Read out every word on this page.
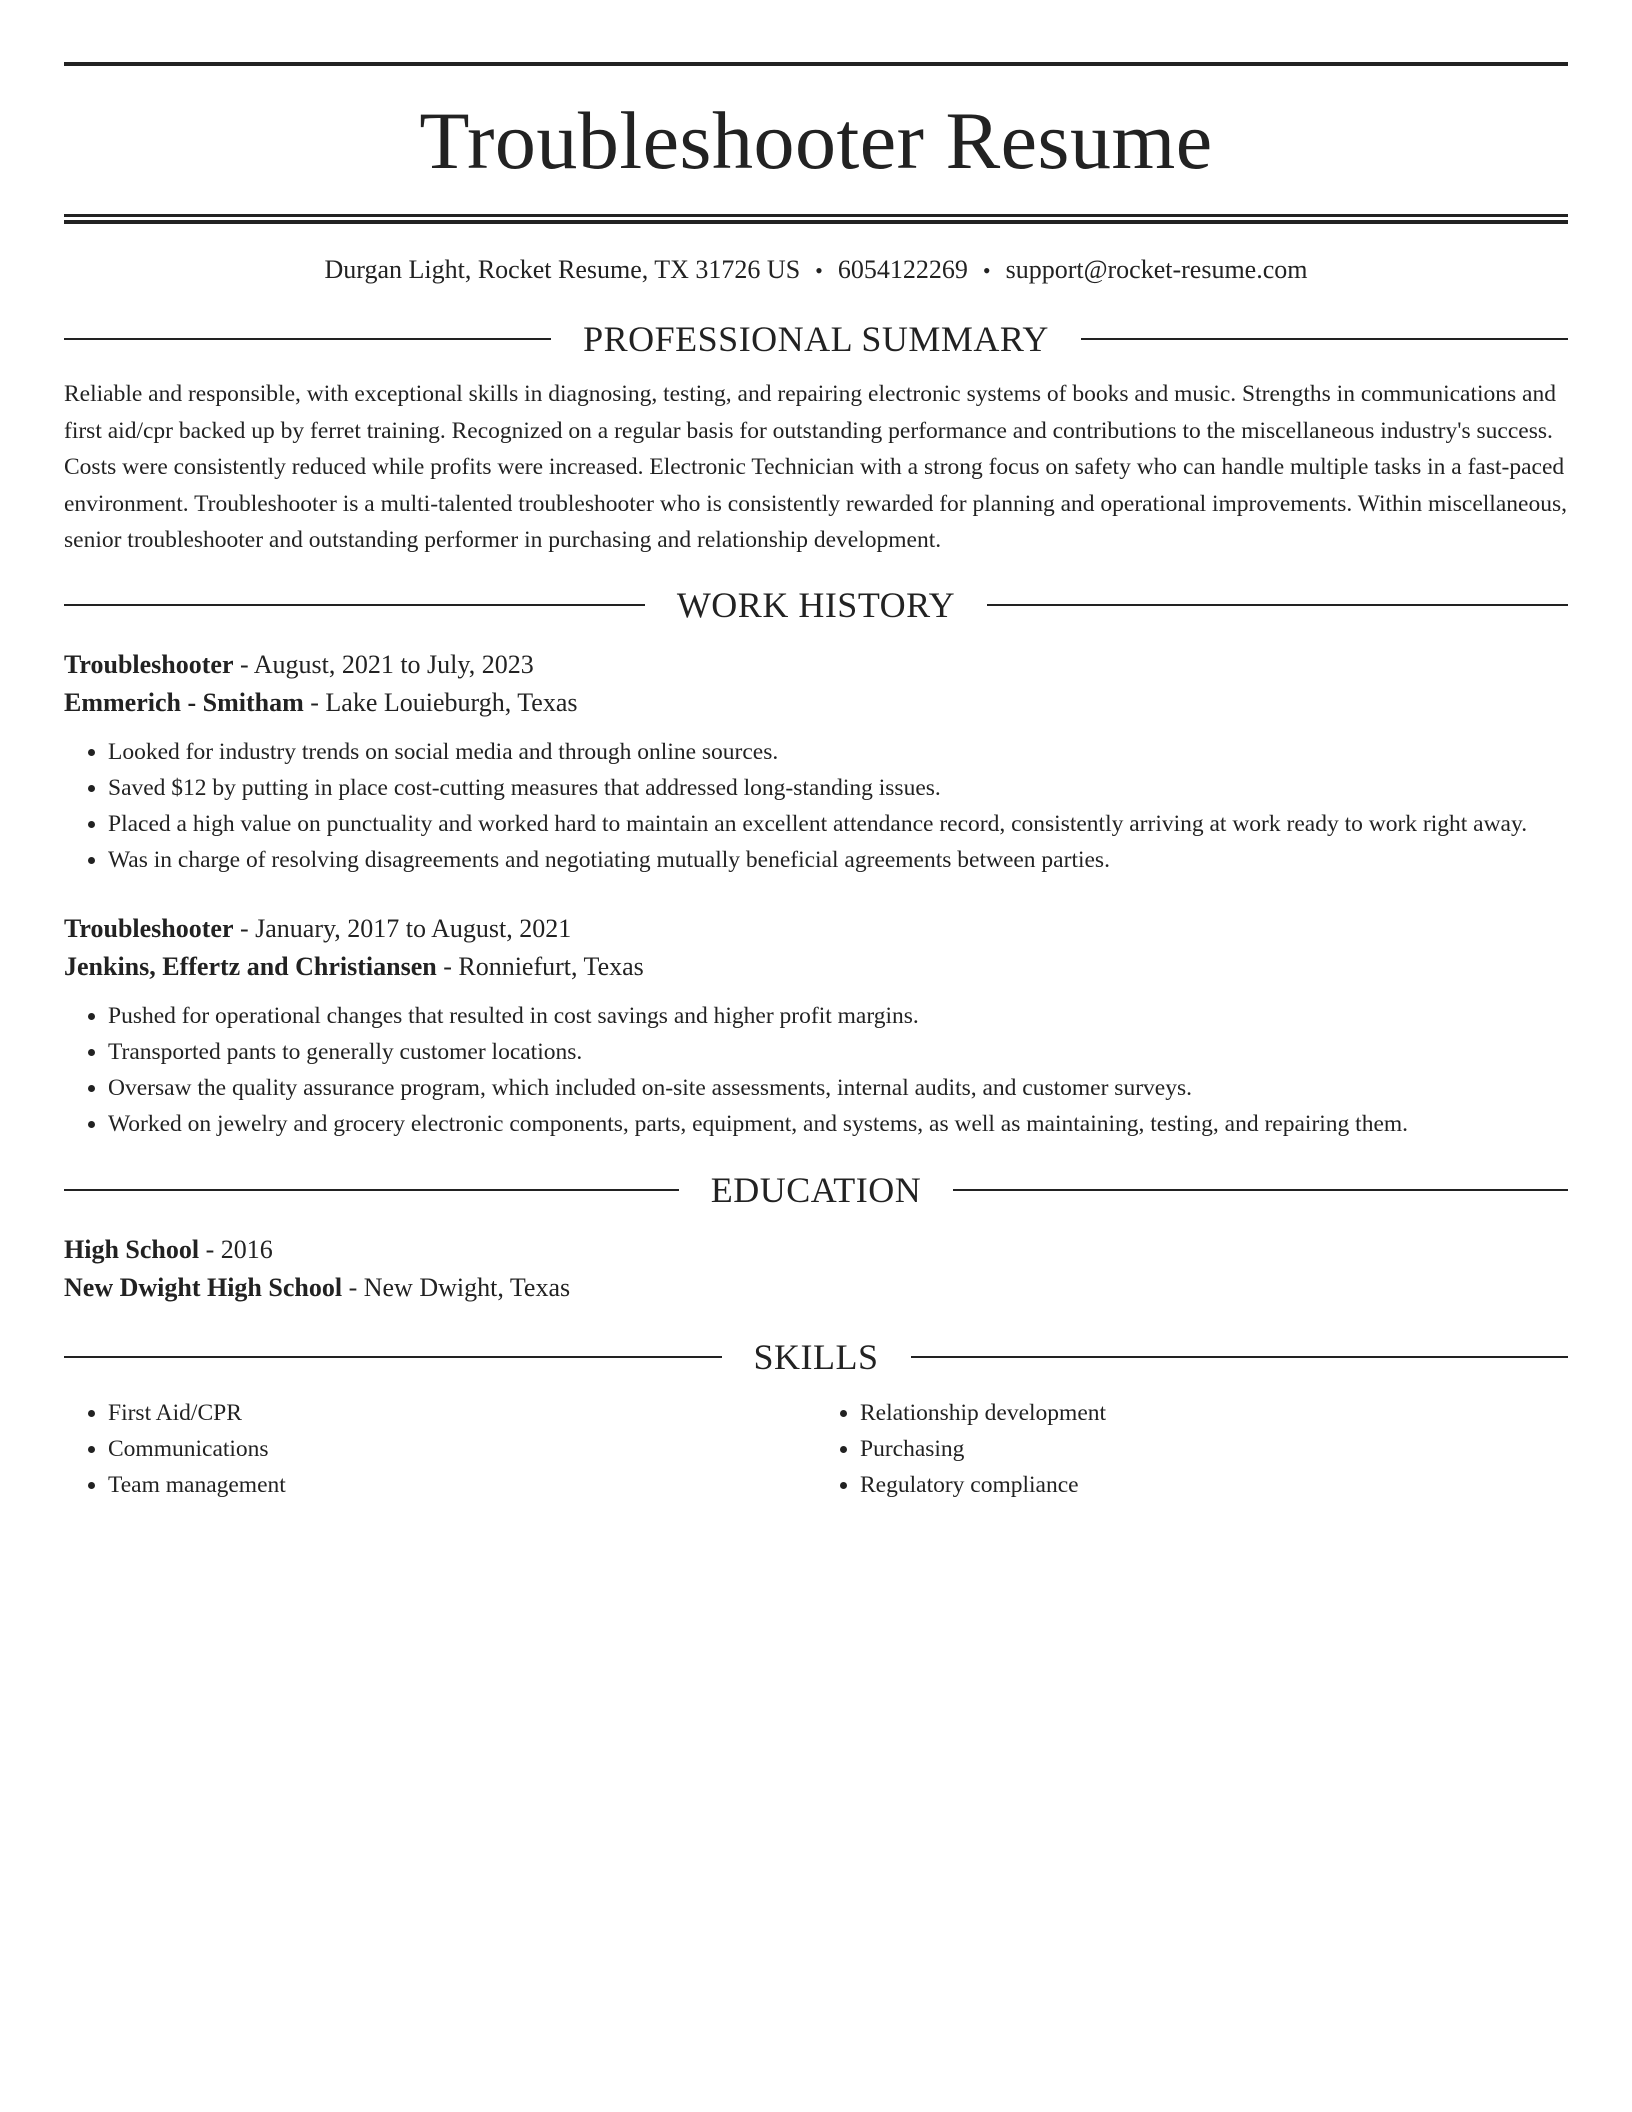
Troubleshooter Resume
Durgan Light, Rocket Resume, TX 31726 US • 6054122269 • support@rocket-resume.com
PROFESSIONAL SUMMARY

Reliable and responsible, with exceptional skills in diagnosing, testing, and repairing electronic systems of books and music. Strengths in communications and first aid/cpr backed up by ferret training. Recognized on a regular basis for outstanding performance and contributions to the miscellaneous industry's success. Costs were consistently reduced while profits were increased. Electronic Technician with a strong focus on safety who can handle multiple tasks in a fast-paced environment. Troubleshooter is a multi-talented troubleshooter who is consistently rewarded for planning and operational improvements. Within miscellaneous, senior troubleshooter and outstanding performer in purchasing and relationship development.

WORK HISTORY
Troubleshooter - August, 2021 to July, 2023
Emmerich - Smitham - Lake Louieburgh, Texas
• Looked for industry trends on social media and through online sources.
• Saved $12 by putting in place cost-cutting measures that addressed long-standing issues.
• Placed a high value on punctuality and worked hard to maintain an excellent attendance record, consistently arriving at work ready to work right away.
• Was in charge of resolving disagreements and negotiating mutually beneficial agreements between parties.
Troubleshooter - January, 2017 to August, 2021
Jenkins, Effertz and Christiansen - Ronniefurt, Texas
• Pushed for operational changes that resulted in cost savings and higher profit margins.
• Transported pants to generally customer locations.
• Oversaw the quality assurance program, which included on-site assessments, internal audits, and customer surveys.
• Worked on jewelry and grocery electronic components, parts, equipment, and systems, as well as maintaining, testing, and repairing them.
EDUCATION
High School - 2016
New Dwight High School - New Dwight, Texas
SKILLS
• First Aid/CPR
• Communications
• Team management
• Relationship development
• Purchasing
• Regulatory compliance
